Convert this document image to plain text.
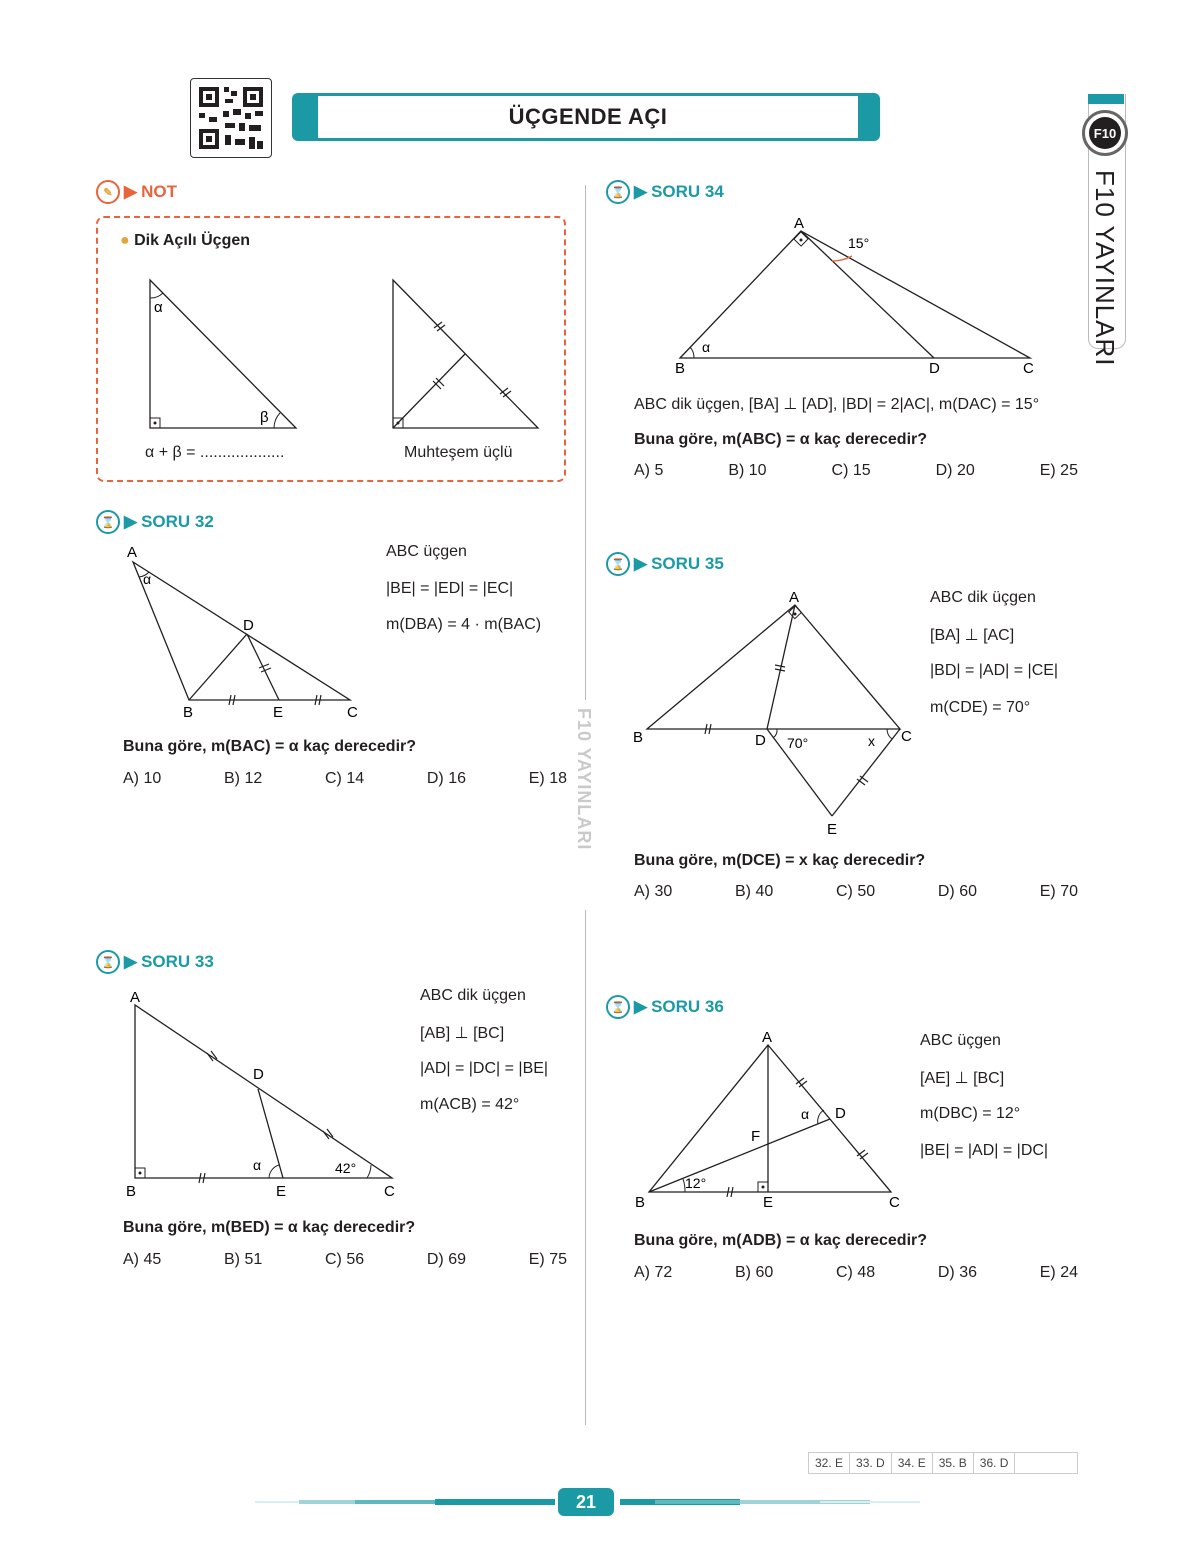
ÜÇGENDE AÇI
F10
F10 YAYINLARI
F10 YAYINLARI
✎ ▶ NOT
● Dik Açılı Üçgen
α
β
α + β = ...................	Muhteşem üçlü
⌛ ▶ SORU 32
A
α
D
B	E	C
ABC üçgen
|BE| = |ED| = |EC|
m(DBA) = 4 · m(BAC)
Buna göre, m(BAC) = α kaç derecedir?
A) 10	B) 12	C) 14	D) 16	E) 18
⌛ ▶ SORU 33
A
D
α	42°
B	E	C
ABC dik üçgen
[AB] ⊥ [BC]
|AD| = |DC| = |BE|
m(ACB) = 42°
Buna göre, m(BED) = α kaç derecedir?
A) 45	B) 51	C) 56	D) 69	E) 75
⌛ ▶ SORU 34
A
15°
α
B	D	C
ABC dik üçgen, [BA] ⊥ [AD], |BD| = 2|AC|, m(DAC) = 15°
Buna göre, m(ABC) = α kaç derecedir?
A) 5	B) 10	C) 15	D) 20	E) 25
⌛ ▶ SORU 35
A
B	D 70°	x C
E
ABC dik üçgen
[BA] ⊥ [AC]
|BD| = |AD| = |CE|
m(CDE) = 70°
Buna göre, m(DCE) = x kaç derecedir?
A) 30	B) 40	C) 50	D) 60	E) 70
⌛ ▶ SORU 36
A
D
α
F
12°
B	E	C
ABC üçgen
[AE] ⊥ [BC]
m(DBC) = 12°
|BE| = |AD| = |DC|
Buna göre, m(ADB) = α kaç derecedir?
A) 72	B) 60	C) 48	D) 36	E) 24
32. E	33. D	34. E	35. B	36. D
21
